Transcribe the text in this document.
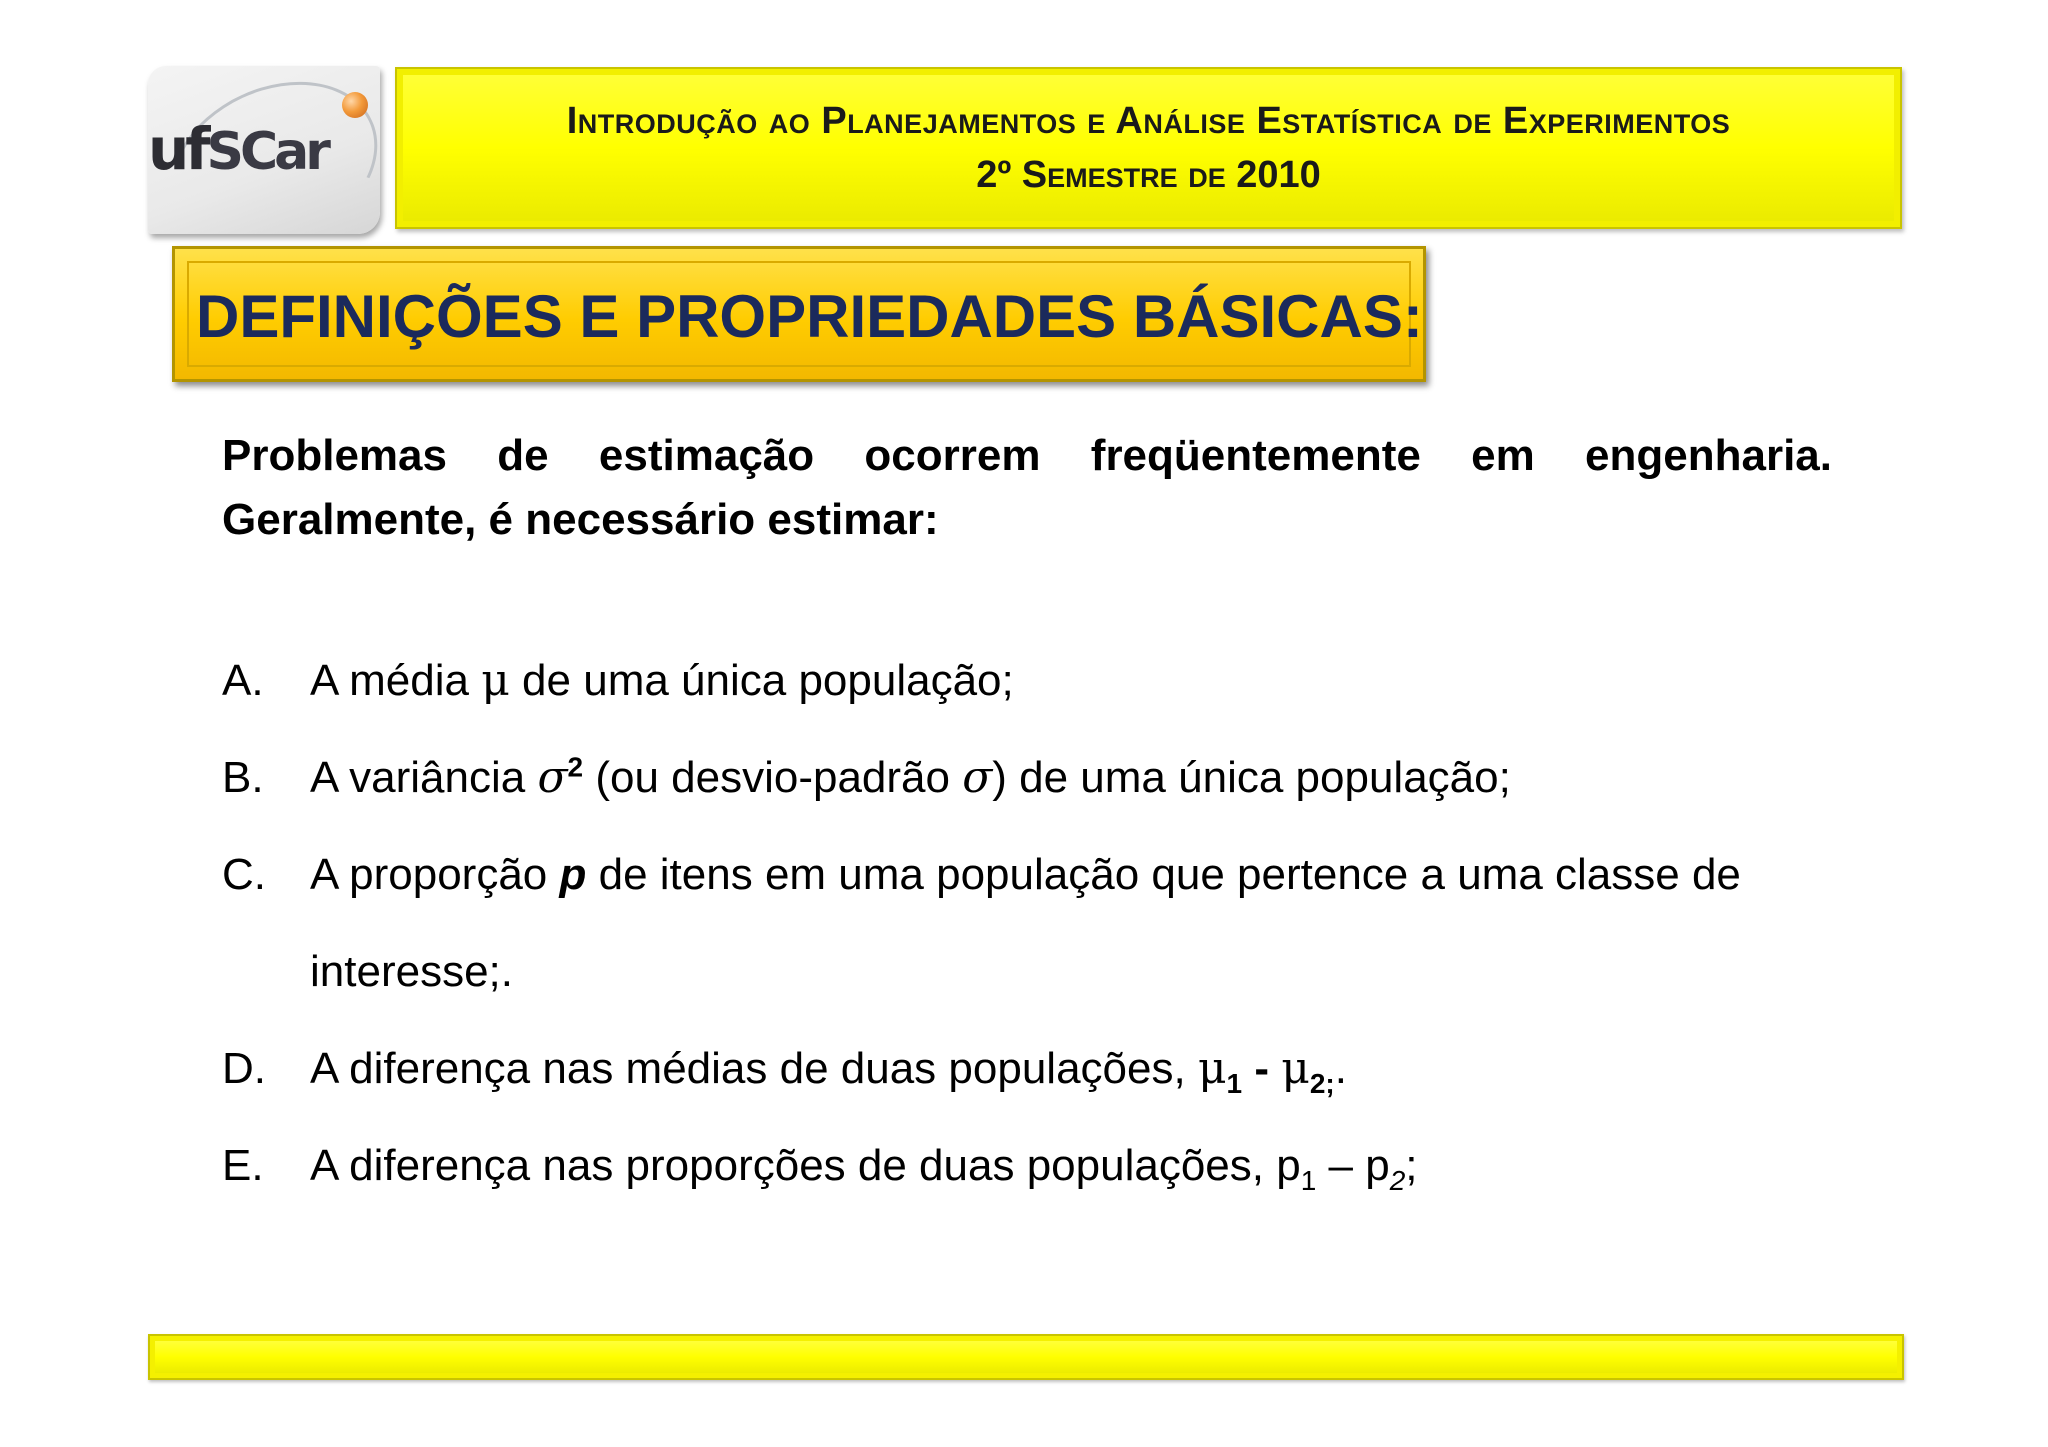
ufSCar
Introdução ao Planejamentos e Análise Estatística de Experimentos
2º Semestre de 2010
DEFINIÇÕES E PROPRIEDADES BÁSICAS:
Problemas de estimação ocorrem freqüentemente em engenharia. Geralmente, é necessário estimar:
A. A média μ de uma única população;
B. A variância $\sigma^2$ (ou desvio-padrão σ) de uma única população;
C. A proporção p de itens em uma população que pertence a uma classe de interesse;.
D. A diferença nas médias de duas populações, $\mu_1 - \mu_{2;}$.
E. A diferença nas proporções de duas populações, $p_1 - p_2$;
